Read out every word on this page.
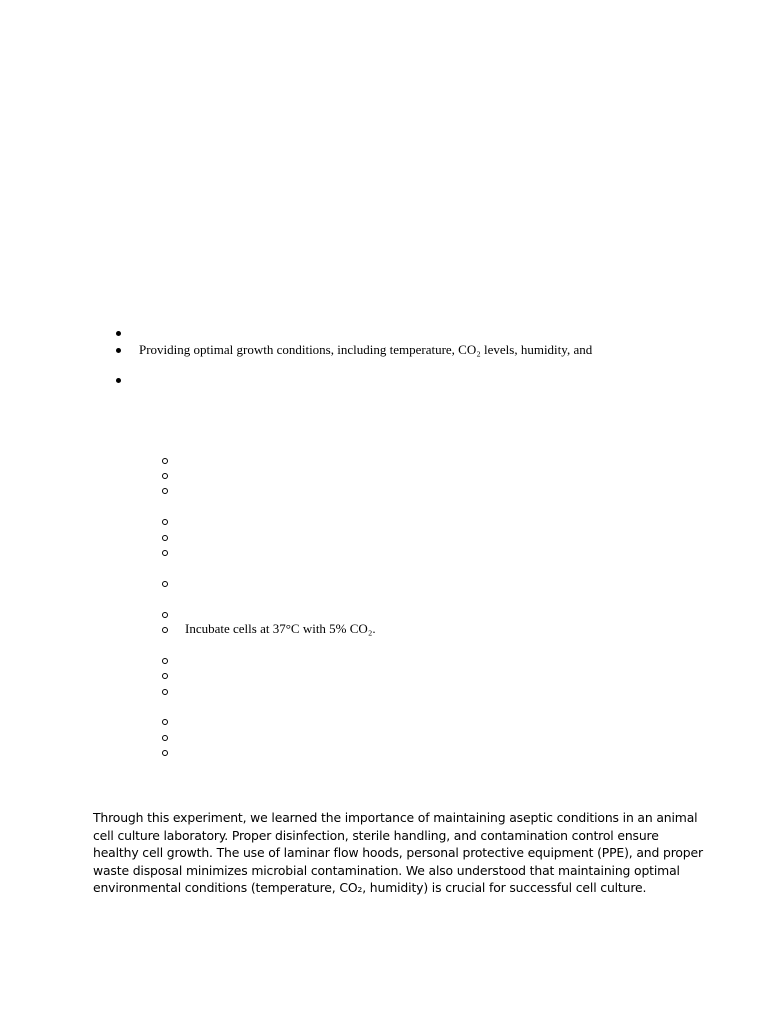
Providing optimal growth conditions, including temperature, CO₂ levels, humidity, and
Incubate cells at 37°C with 5% CO₂.
Through this experiment, we learned the importance of maintaining aseptic conditions in an animal
cell culture laboratory. Proper disinfection, sterile handling, and contamination control ensure
healthy cell growth. The use of laminar flow hoods, personal protective equipment (PPE), and proper
waste disposal minimizes microbial contamination. We also understood that maintaining optimal
environmental conditions (temperature, CO₂, humidity) is crucial for successful cell culture.
